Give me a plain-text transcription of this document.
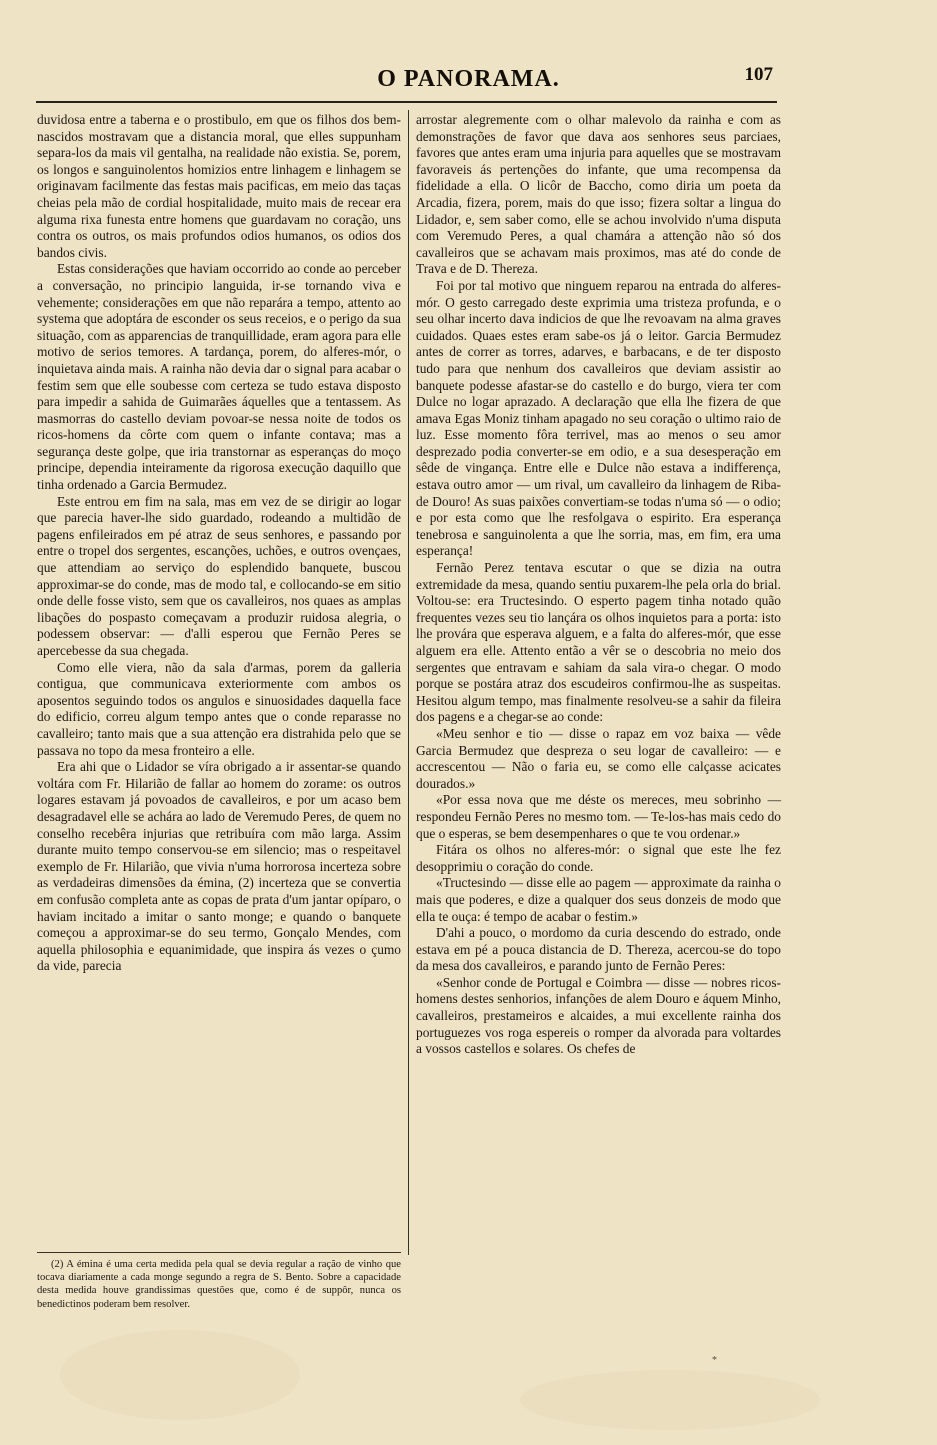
O PANORAMA.	107

duvidosa entre a taberna e o prostibulo, em que os filhos dos bem-nascidos mostravam que a distancia moral, que elles suppunham separa-los da mais vil gentalha, na realidade não existia. Se, porem, os longos e sanguinolentos homizios entre linhagem e linhagem se originavam facilmente das festas mais pacificas, em meio das taças cheias pela mão de cordial hospitalidade, muito mais de recear era alguma rixa funesta entre homens que guardavam no coração, uns contra os outros, os mais profundos odios humanos, os odios dos bandos civis.

Estas considerações que haviam occorrido ao conde ao perceber a conversação, no principio languida, ir-se tornando viva e vehemente; considerações em que não reparára a tempo, attento ao systema que adoptára de esconder os seus receios, e o perigo da sua situação, com as apparencias de tranquillidade, eram agora para elle motivo de serios temores. A tardança, porem, do alferes-mór, o inquietava ainda mais. A rainha não devia dar o signal para acabar o festim sem que elle soubesse com certeza se tudo estava disposto para impedir a sahida de Guimarães áquelles que a tentassem. As masmorras do castello deviam povoar-se nessa noite de todos os ricos-homens da côrte com quem o infante contava; mas a segurança deste golpe, que iria transtornar as esperanças do moço principe, dependia inteiramente da rigorosa execução daquillo que tinha ordenado a Garcia Bermudez.

Este entrou em fim na sala, mas em vez de se dirigir ao logar que parecia haver-lhe sido guardado, rodeando a multidão de pagens enfileirados em pé atraz de seus senhores, e passando por entre o tropel dos sergentes, escanções, uchões, e outros ovençaes, que attendiam ao serviço do esplendido banquete, buscou approximar-se do conde, mas de modo tal, e collocando-se em sitio onde delle fosse visto, sem que os cavalleiros, nos quaes as amplas libações do pospasto começavam a produzir ruidosa alegria, o podessem observar: — d'alli esperou que Fernão Peres se apercebesse da sua chegada.

Como elle viera, não da sala d'armas, porem da galleria contigua, que communicava exteriormente com ambos os aposentos seguindo todos os angulos e sinuosidades daquella face do edificio, correu algum tempo antes que o conde reparasse no cavalleiro; tanto mais que a sua attenção era distrahida pelo que se passava no topo da mesa fronteiro a elle.

Era ahi que o Lidador se víra obrigado a ir assentar-se quando voltára com Fr. Hilarião de fallar ao homem do zorame: os outros logares estavam já povoados de cavalleiros, e por um acaso bem desagradavel elle se achára ao lado de Veremudo Peres, de quem no conselho recebêra injurias que retribuíra com mão larga. Assim durante muito tempo conservou-se em silencio; mas o respeitavel exemplo de Fr. Hilarião, que vivia n'uma horrorosa incerteza sobre as verdadeiras dimensões da émina, (2) incerteza que se convertia em confusão completa ante as copas de prata d'um jantar opíparo, o haviam incitado a imitar o santo monge; e quando o banquete começou a approximar-se do seu termo, Gonçalo Mendes, com aquella philosophia e equanimidade, que inspira ás vezes o çumo da vide, parecia

arrostar alegremente com o olhar malevolo da rainha e com as demonstrações de favor que dava aos senhores seus parciaes, favores que antes eram uma injuria para aquelles que se mostravam favoraveis ás pertenções do infante, que uma recompensa da fidelidade a ella. O licôr de Baccho, como diria um poeta da Arcadia, fizera, porem, mais do que isso; fizera soltar a lingua do Lidador, e, sem saber como, elle se achou involvido n'uma disputa com Veremudo Peres, a qual chamára a attenção não só dos cavalleiros que se achavam mais proximos, mas até do conde de Trava e de D. Thereza.

Foi por tal motivo que ninguem reparou na entrada do alferes-mór. O gesto carregado deste exprimia uma tristeza profunda, e o seu olhar incerto dava indicios de que lhe revoavam na alma graves cuidados. Quaes estes eram sabe-os já o leitor. Garcia Bermudez antes de correr as torres, adarves, e barbacans, e de ter disposto tudo para que nenhum dos cavalleiros que deviam assistir ao banquete podesse afastar-se do castello e do burgo, viera ter com Dulce no logar aprazado. A declaração que ella lhe fizera de que amava Egas Moniz tinham apagado no seu coração o ultimo raio de luz. Esse momento fôra terrivel, mas ao menos o seu amor desprezado podia converter-se em odio, e a sua desesperação em sêde de vingança. Entre elle e Dulce não estava a indifferença, estava outro amor — um rival, um cavalleiro da linhagem de Riba-de Douro! As suas paixões convertiam-se todas n'uma só — o odio; e por esta como que lhe resfolgava o espirito. Era esperança tenebrosa e sanguinolenta a que lhe sorria, mas, em fim, era uma esperança!

Fernão Perez tentava escutar o que se dizia na outra extremidade da mesa, quando sentiu puxarem-lhe pela orla do brial. Voltou-se: era Tructesindo. O esperto pagem tinha notado quão frequentes vezes seu tio lançára os olhos inquietos para a porta: isto lhe provára que esperava alguem, e a falta do alferes-mór, que esse alguem era elle. Attento então a vêr se o descobria no meio dos sergentes que entravam e sahiam da sala vira-o chegar. O modo porque se postára atraz dos escudeiros confirmou-lhe as suspeitas. Hesitou algum tempo, mas finalmente resolveu-se a sahir da fileira dos pagens e a chegar-se ao conde:

«Meu senhor e tio — disse o rapaz em voz baixa — vêde Garcia Bermudez que despreza o seu logar de cavalleiro: — e accrescentou — Não o faria eu, se como elle calçasse acicates dourados.»

«Por essa nova que me déste os mereces, meu sobrinho — respondeu Fernão Peres no mesmo tom. — Te-los-has mais cedo do que o esperas, se bem desempenhares o que te vou ordenar.»

Fitára os olhos no alferes-mór: o signal que este lhe fez desopprimiu o coração do conde.

«Tructesindo — disse elle ao pagem — approximate da rainha o mais que poderes, e dize a qualquer dos seus donzeis de modo que ella te ouça: é tempo de acabar o festim.»

D'ahi a pouco, o mordomo da curia descendo do estrado, onde estava em pé a pouca distancia de D. Thereza, acercou-se do topo da mesa dos cavalleiros, e parando junto de Fernão Peres:

«Senhor conde de Portugal e Coimbra — disse — nobres ricos-homens destes senhorios, infanções de alem Douro e áquem Minho, cavalleiros, prestameiros e alcaides, a mui excellente rainha dos portuguezes vos roga espereis o romper da alvorada para voltardes a vossos castellos e solares. Os chefes de

(2) A émina é uma certa medida pela qual se devia regular a ração de vinho que tocava diariamente a cada monge segundo a regra de S. Bento. Sobre a capacidade desta medida houve grandissimas questões que, como é de suppôr, nunca os benedictinos poderam bem resolver.

*
